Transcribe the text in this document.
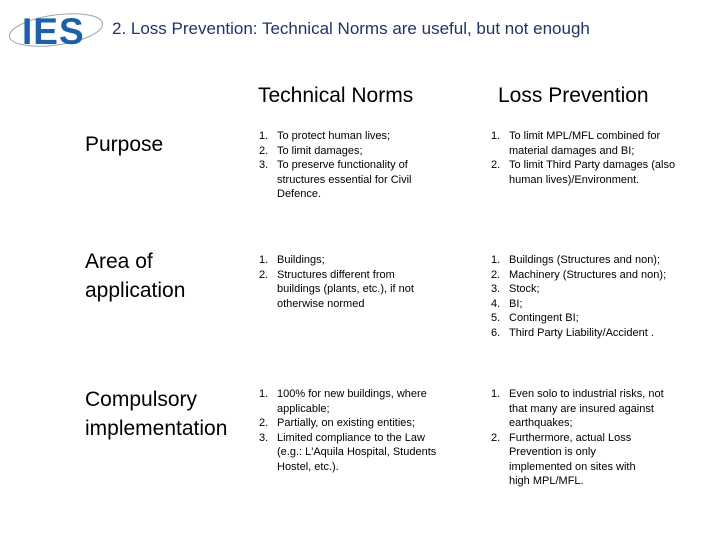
IES 2. Loss Prevention: Technical Norms are useful, but not enough
Technical Norms	Loss Prevention
Purpose	1. To protect human lives;
2. To limit damages;
3. To preserve functionality of structures essential for Civil Defence.
1. To limit MPL/MFL combined for material damages and BI;
2. To limit Third Party damages (also human lives)/Environment.
Area of application
1. Buildings;
2. Structures different from buildings (plants, etc.), if not otherwise normed
1. Buildings (Structures and non);
2. Machinery (Structures and non);
3. Stock;
4. BI;
5. Contingent BI;
6. Third Party Liability/Accident .
Compulsory implementation
1. 100% for new buildings, where applicable;
2. Partially, on existing entities;
3. Limited compliance to the Law (e.g.: L'Aquila Hospital, Students Hostel, etc.).
1. Even solo to industrial risks, not that many are insured against earthquakes;
2. Furthermore, actual Loss Prevention is only implemented on sites with high MPL/MFL.
